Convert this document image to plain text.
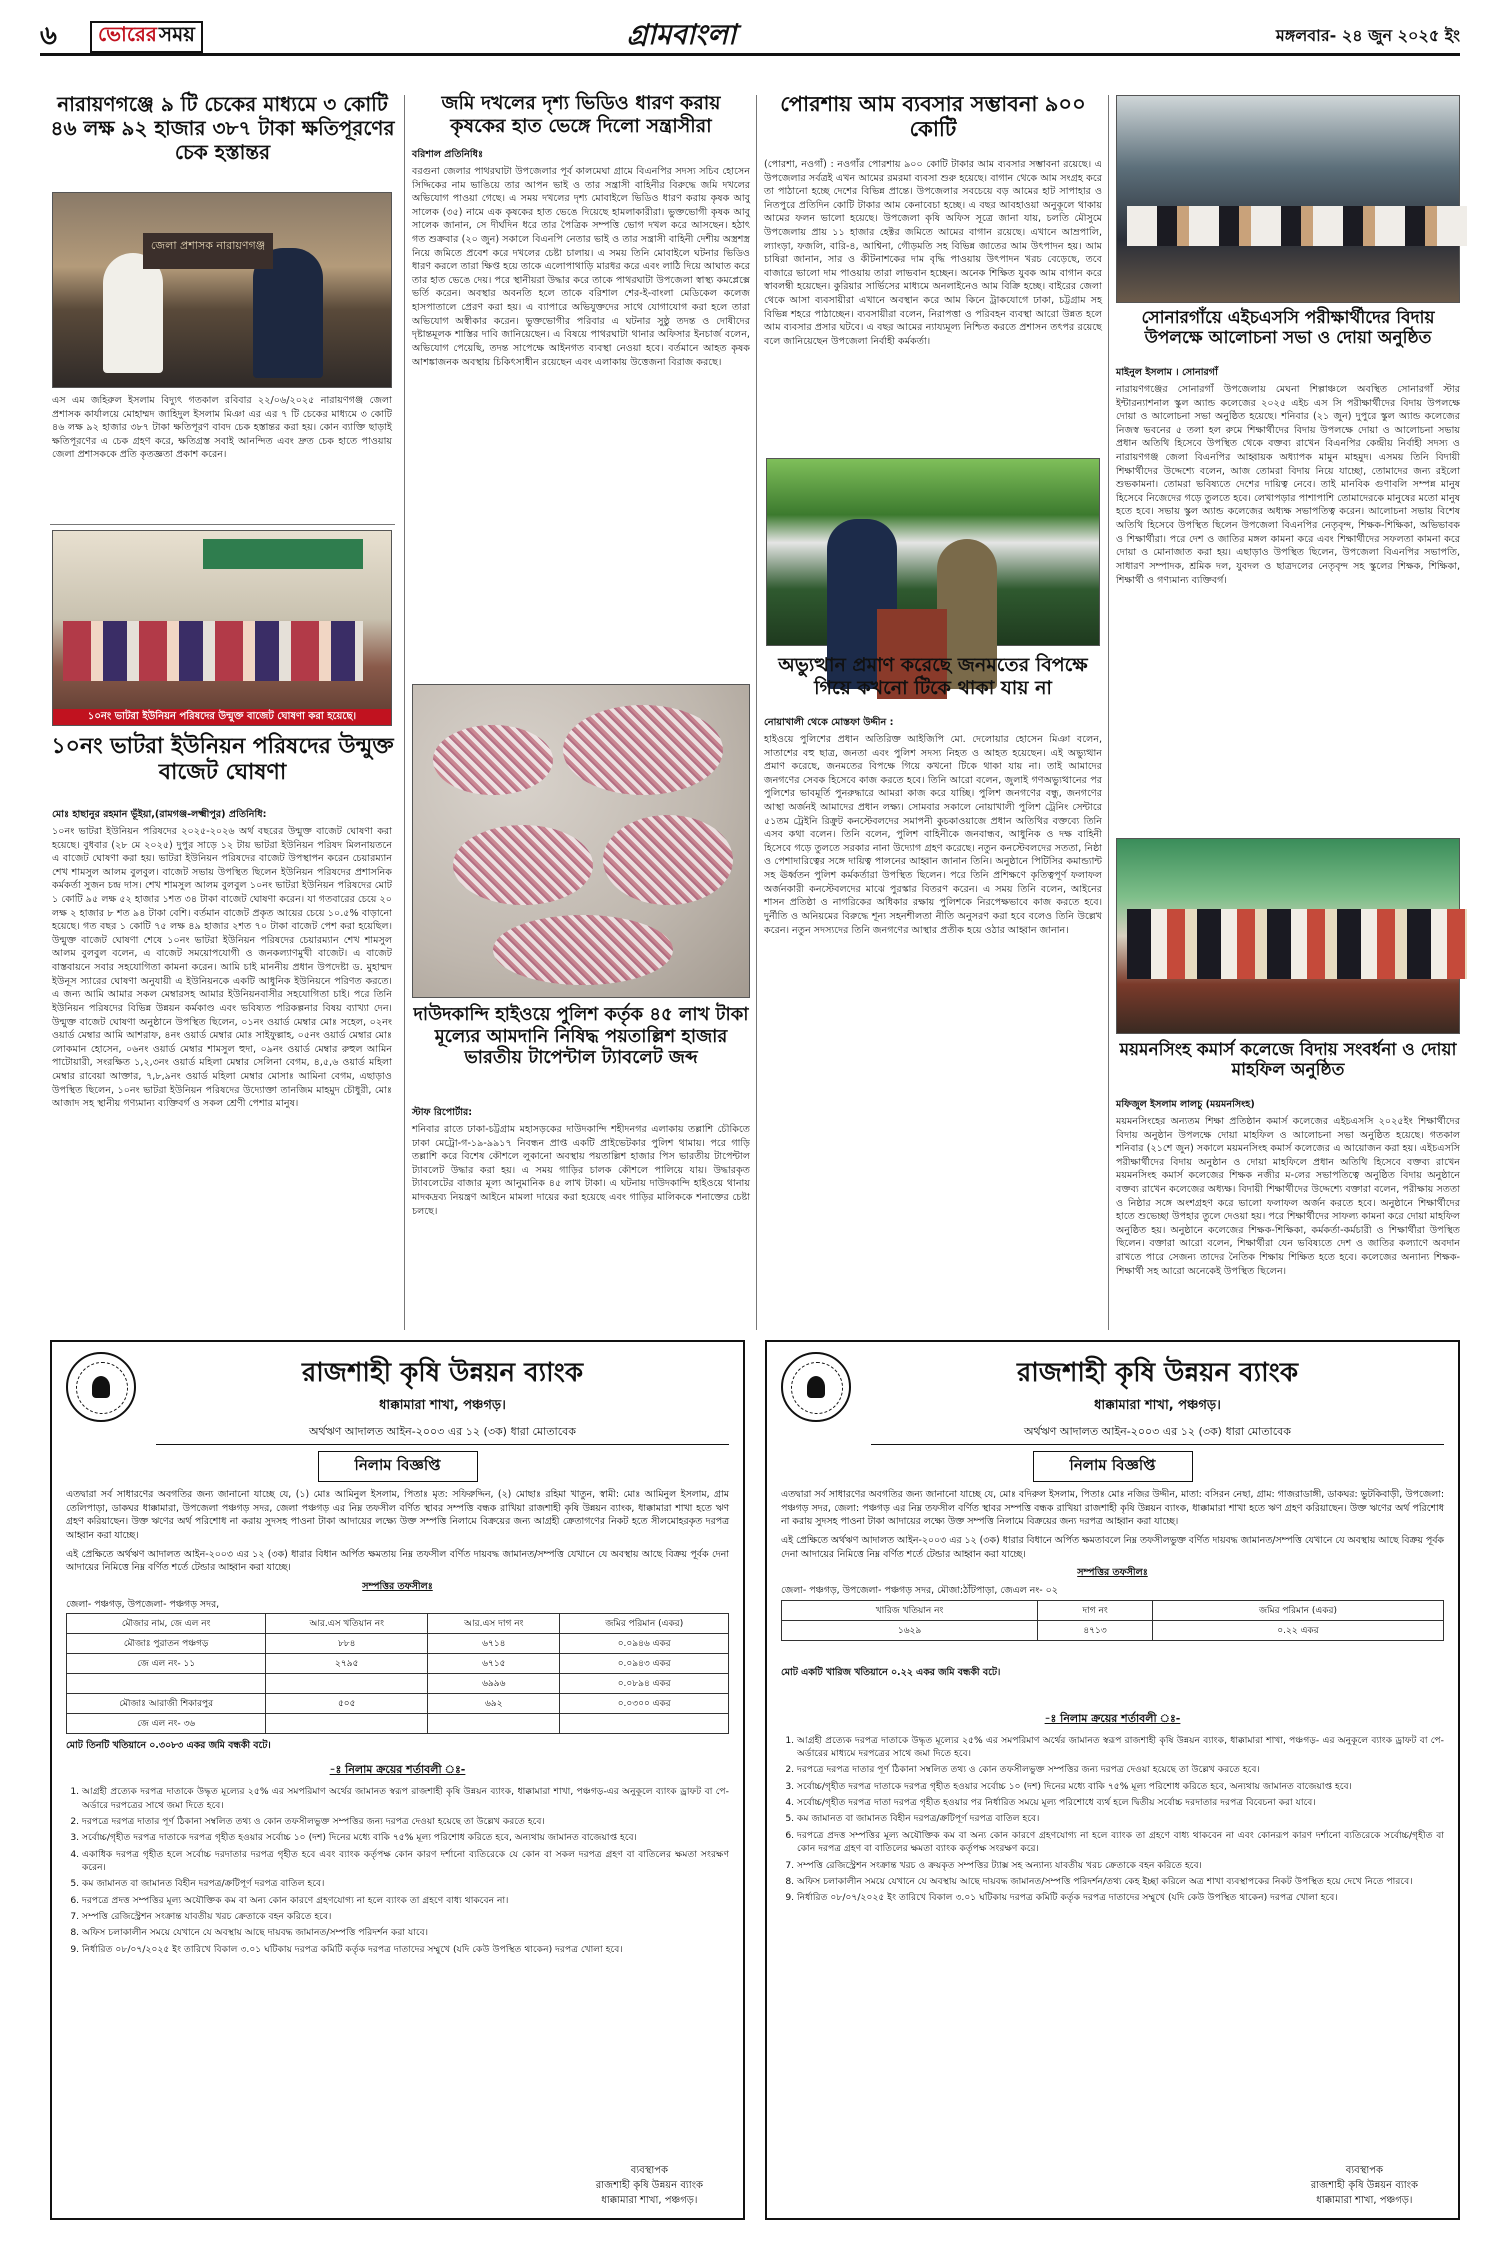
৬	ভোরের সময়	গ্রামবাংলা	মঙ্গলবার- ২৪ জুন ২০২৫ ইং
নারায়ণগঞ্জে ৯ টি চেকের মাধ্যমে ৩ কোটি ৪৬ লক্ষ ৯২ হাজার ৩৮৭ টাকা ক্ষতিপূরণের চেক হস্তান্তর
জেলা প্রশাসক নারায়ণগঞ্জ
এস এম জহিরুল ইসলাম বিদ্যুৎ গতকাল রবিবার ২২/০৬/২০২৫ নারায়ণগঞ্জ জেলা প্রশাসক কার্যালয়ে মোহাম্মদ জাহিদুল ইসলাম মিঞা এর এর ৭ টি চেকের মাধ্যমে ৩ কোটি ৪৬ লক্ষ ৯২ হাজার ৩৮৭ টাকা ক্ষতিপূরণ বাবদ চেক হস্তান্তর করা হয়। কোন ব্যাক্তি ছাড়াই ক্ষতিপূরণের এ চেক গ্রহণ করে, ক্ষতিগ্রস্ত সবাই আনন্দিত এবং দ্রুত চেক হাতে পাওয়ায় জেলা প্রশাসককে প্রতি কৃতজ্ঞতা প্রকাশ করেন।
১০নং ভাটরা ইউনিয়ন পরিষদের উন্মুক্ত বাজেট ঘোষণা করা হয়েছে।
১০নং ভাটরা ইউনিয়ন পরিষদের উন্মুক্ত বাজেট ঘোষণা
মোঃ হাছানুর রহমান ভূঁইয়া,(রামগঞ্জ-লক্ষ্মীপুর) প্রতিনিধি:
১০নং ভাটরা ইউনিয়ন পরিষদের ২০২৫-২০২৬ অর্থ বছরের উন্মুক্ত বাজেট ঘোষণা করা হয়েছে। বুধবার (২৮ মে ২০২৫) দুপুর সাড়ে ১২ টায় ভাটরা ইউনিয়ন পরিষদ মিলনায়তনে এ বাজেট ঘোষণা করা হয়। ভাটরা ইউনিয়ন পরিষদের বাজেট উপস্থাপন করেন চেয়ারম্যান শেখ শামসুল আলম বুলবুল। বাজেট সভায় উপস্থিত ছিলেন ইউনিয়ন পরিষদের প্রশাসনিক কর্মকর্তা সুজন চন্দ্র দাস। শেখ শামসুল আলম বুলবুল ১০নং ভাটরা ইউনিয়ন পরিষদের মোট ১ কোটি ৯৫ লক্ষ ৫২ হাজার ১শত ৩৪ টাকা বাজেট ঘোষণা করেন। যা গতবারের চেয়ে ২০ লক্ষ ২ হাজার ৮ শত ৯৪ টাকা বেশি। বর্তমান বাজেট প্রকৃত আয়ের চেয়ে ১০.৫% বাড়ানো হয়েছে। গত বছর ১ কোটি ৭৫ লক্ষ ৪৯ হাজার ২শত ৭০ টাকা বাজেট পেশ করা হয়েছিল। উন্মুক্ত বাজেট ঘোষণা শেষে ১০নং ভাটরা ইউনিয়ন পরিষদের চেয়ারম্যান শেখ শামসুল আলম বুলবুল বলেন, এ বাজেট সময়োপযোগী ও জনকল্যাণমুখী বাজেট। এ বাজেট বাস্তবায়নে সবার সহযোগিতা কামনা করেন। আমি চাই মাননীয় প্রধান উপদেষ্টা ড. মুহাম্মদ ইউনূস স্যারের ঘোষণা অনুযায়ী এ ইউনিয়নকে একটি আধুনিক ইউনিয়নে পরিণত করতে। এ জন্য আমি আমার সকল মেম্বারসহ আমার ইউনিয়নবাসীর সহযোগিতা চাই। পরে তিনি ইউনিয়ন পরিষদের বিভিন্ন উন্নয়ন কর্মকাণ্ড এবং ভবিষ্যত পরিকল্পনার বিষয় ব্যাখ্যা দেন। উন্মুক্ত বাজেট ঘোষণা অনুষ্ঠানে উপস্থিত ছিলেন, ০১নং ওয়ার্ড মেম্বার মোঃ সহেল, ০২নং ওয়ার্ড মেম্বার আমি আশরাফ, ৪নং ওয়ার্ড মেম্বার মোঃ সাইফুল্লাহ, ০৫নং ওয়ার্ড মেম্বার মোঃ লোকমান হোসেন, ০৬নং ওয়ার্ড মেম্বার শামসুল হুদা, ০৯নং ওয়ার্ড মেম্বার রুহুল আমিন পাটোয়ারী, সংরক্ষিত ১,২,৩নং ওয়ার্ড মহিলা মেম্বার সেলিনা বেগম, ৪,৫,৬ ওয়ার্ড মহিলা মেম্বার রাবেয়া আক্তার, ৭,৮,৯নং ওয়ার্ড মহিলা মেম্বার মোসাঃ আমিনা বেগম, এছাড়াও উপস্থিত ছিলেন, ১০নং ভাটরা ইউনিয়ন পরিষদের উদ্যোক্তা তানজিম মাহমুদ চৌধুরী, মোঃ আজাদ সহ স্থানীয় গণ্যমান্য ব্যক্তিবর্গ ও সকল শ্রেণী পেশার মানুষ।
জমি দখলের দৃশ্য ভিডিও ধারণ করায় কৃষকের হাত ভেঙ্গে দিলো সন্ত্রাসীরা
বরিশাল প্রতিনিধিঃ
বরগুনা জেলার পাথরঘাটা উপজেলার পূর্ব কালমেঘা গ্রামে বিএনপির সদস্য সচিব হোসেন সিদ্দিকের নাম ভাঙিয়ে তার আপন ভাই ও তার সন্ত্রাসী বাহিনীর বিরুদ্ধে জমি দখলের অভিযোগ পাওয়া গেছে। এ সময় দখলের দৃশ্য মোবাইলে ভিডিও ধারণ করায় কৃষক আবু সালেক (৩৫) নামে এক কৃষকের হাত ভেঙে দিয়েছে হামলাকারীরা। ভুক্তভোগী কৃষক আবু সালেক জানান, সে দীর্ঘদিন ধরে তার পৈত্রিক সম্পত্তি ভোগ দখল করে আসছেন। হঠাৎ গত শুক্রবার (২০ জুন) সকালে বিএনপি নেতার ভাই ও তার সন্ত্রাসী বাহিনী দেশীয় অস্ত্রশস্ত্র নিয়ে জমিতে প্রবেশ করে দখলের চেষ্টা চালায়। এ সময় তিনি মোবাইলে ঘটনার ভিডিও ধারণ করলে তারা ক্ষিপ্ত হয়ে তাকে এলোপাথাড়ি মারধর করে এবং লাঠি দিয়ে আঘাত করে তার হাত ভেঙে দেয়। পরে স্থানীয়রা উদ্ধার করে তাকে পাথরঘাটা উপজেলা স্বাস্থ্য কমপ্লেক্সে ভর্তি করেন। অবস্থার অবনতি হলে তাকে বরিশাল শের-ই-বাংলা মেডিকেল কলেজ হাসপাতালে প্রেরণ করা হয়। এ ব্যাপারে অভিযুক্তদের সাথে যোগাযোগ করা হলে তারা অভিযোগ অস্বীকার করেন। ভুক্তভোগীর পরিবার এ ঘটনার সুষ্ঠু তদন্ত ও দোষীদের দৃষ্টান্তমূলক শাস্তির দাবি জানিয়েছেন। এ বিষয়ে পাথরঘাটা থানার অফিসার ইনচার্জ বলেন, অভিযোগ পেয়েছি, তদন্ত সাপেক্ষে আইনগত ব্যবস্থা নেওয়া হবে। বর্তমানে আহত কৃষক আশঙ্কাজনক অবস্থায় চিকিৎসাধীন রয়েছেন এবং এলাকায় উত্তেজনা বিরাজ করছে।
দাউদকান্দি হাইওয়ে পুলিশ কর্তৃক ৪৫ লাখ টাকা মূল্যের আমদানি নিষিদ্ধ পয়তাল্লিশ হাজার ভারতীয় টাপেন্টাল ট্যাবলেট জব্দ
স্টাফ রিপোর্টার:
শনিবার রাতে ঢাকা-চট্টগ্রাম মহাসড়কের দাউদকান্দি শহীদনগর এলাকায় তল্লাশি চৌকিতে ঢাকা মেট্রো-গ-১৯-৯৯১৭ নিবন্ধন প্রাপ্ত একটি প্রাইভেটকার পুলিশ থামায়। পরে গাড়ি তল্লাশি করে বিশেষ কৌশলে লুকানো অবস্থায় পয়তাল্লিশ হাজার পিস ভারতীয় টাপেন্টাল ট্যাবলেট উদ্ধার করা হয়। এ সময় গাড়ির চালক কৌশলে পালিয়ে যায়। উদ্ধারকৃত ট্যাবলেটের বাজার মূল্য আনুমানিক ৪৫ লাখ টাকা। এ ঘটনায় দাউদকান্দি হাইওয়ে থানায় মাদকদ্রব্য নিয়ন্ত্রণ আইনে মামলা দায়ের করা হয়েছে এবং গাড়ির মালিককে শনাক্তের চেষ্টা চলছে।
পোরশায় আম ব্যবসার সম্ভাবনা ৯০০ কোটি
(পোরশা, নওগাঁ) : নওগাঁর পোরশায় ৯০০ কোটি টাকার আম ব্যবসার সম্ভাবনা রয়েছে। এ উপজেলার সর্বত্রই এখন আমের রমরমা ব্যবসা শুরু হয়েছে। বাগান থেকে আম সংগ্রহ করে তা পাঠানো হচ্ছে দেশের বিভিন্ন প্রান্তে। উপজেলার সবচেয়ে বড় আমের হাট সাপাহার ও নিতপুরে প্রতিদিন কোটি টাকার আম কেনাবেচা হচ্ছে। এ বছর আবহাওয়া অনুকূলে থাকায় আমের ফলন ভালো হয়েছে। উপজেলা কৃষি অফিস সূত্রে জানা যায়, চলতি মৌসুমে উপজেলায় প্রায় ১১ হাজার হেক্টর জমিতে আমের বাগান রয়েছে। এখানে আম্রপালি, ল্যাংড়া, ফজলি, বারি-৪, আশ্বিনা, গৌড়মতি সহ বিভিন্ন জাতের আম উৎপাদন হয়। আম চাষিরা জানান, সার ও কীটনাশকের দাম বৃদ্ধি পাওয়ায় উৎপাদন খরচ বেড়েছে, তবে বাজারে ভালো দাম পাওয়ায় তারা লাভবান হচ্ছেন। অনেক শিক্ষিত যুবক আম বাগান করে স্বাবলম্বী হয়েছেন। কুরিয়ার সার্ভিসের মাধ্যমে অনলাইনেও আম বিক্রি হচ্ছে। বাইরের জেলা থেকে আসা ব্যবসায়ীরা এখানে অবস্থান করে আম কিনে ট্রাকযোগে ঢাকা, চট্টগ্রাম সহ বিভিন্ন শহরে পাঠাচ্ছেন। ব্যবসায়ীরা বলেন, নিরাপত্তা ও পরিবহন ব্যবস্থা আরো উন্নত হলে আম ব্যবসার প্রসার ঘটবে। এ বছর আমের ন্যায্যমূল্য নিশ্চিত করতে প্রশাসন তৎপর রয়েছে বলে জানিয়েছেন উপজেলা নির্বাহী কর্মকর্তা।
অভ্যুত্থান প্রমাণ করেছে জনমতের বিপক্ষে গিয়ে কখনো টিকে থাকা যায় না
নোয়াখালী থেকে মোস্তফা উদ্দীন :
হাইওয়ে পুলিশের প্রধান অতিরিক্ত আইজিপি মো. দেলোয়ার হোসেন মিঞা বলেন, সাতাশের বহু ছাত্র, জনতা এবং পুলিশ সদস্য নিহত ও আহত হয়েছেন। এই অভ্যুত্থান প্রমাণ করেছে, জনমতের বিপক্ষে গিয়ে কখনো টিকে থাকা যায় না। তাই আমাদের জনগণের সেবক হিসেবে কাজ করতে হবে। তিনি আরো বলেন, জুলাই গণঅভ্যুত্থানের পর পুলিশের ভাবমূর্তি পুনরুদ্ধারে আমরা কাজ করে যাচ্ছি। পুলিশ জনগণের বন্ধু, জনগণের আস্থা অর্জনই আমাদের প্রধান লক্ষ্য। সোমবার সকালে নোয়াখালী পুলিশ ট্রেনিং সেন্টারে ৫১তম ট্রেইনি রিক্রুট কনস্টেবলদের সমাপনী কুচকাওয়াজে প্রধান অতিথির বক্তব্যে তিনি এসব কথা বলেন। তিনি বলেন, পুলিশ বাহিনীকে জনবান্ধব, আধুনিক ও দক্ষ বাহিনী হিসেবে গড়ে তুলতে সরকার নানা উদ্যোগ গ্রহণ করেছে। নতুন কনস্টেবলদের সততা, নিষ্ঠা ও পেশাদারিত্বের সঙ্গে দায়িত্ব পালনের আহ্বান জানান তিনি। অনুষ্ঠানে পিটিসির কমান্ড্যান্ট সহ ঊর্ধ্বতন পুলিশ কর্মকর্তারা উপস্থিত ছিলেন। পরে তিনি প্রশিক্ষণে কৃতিত্বপূর্ণ ফলাফল অর্জনকারী কনস্টেবলদের মাঝে পুরস্কার বিতরণ করেন। এ সময় তিনি বলেন, আইনের শাসন প্রতিষ্ঠা ও নাগরিকের অধিকার রক্ষায় পুলিশকে নিরপেক্ষভাবে কাজ করতে হবে। দুর্নীতি ও অনিয়মের বিরুদ্ধে শূন্য সহনশীলতা নীতি অনুসরণ করা হবে বলেও তিনি উল্লেখ করেন। নতুন সদস্যদের তিনি জনগণের আস্থার প্রতীক হয়ে ওঠার আহ্বান জানান।
সোনারগাঁয়ে এইচএসসি পরীক্ষার্থীদের বিদায় উপলক্ষে আলোচনা সভা ও দোয়া অনুষ্ঠিত
মাইনুল ইসলাম । সোনারগাঁ
নারায়ণগঞ্জের সোনারগাঁ উপজেলায় মেঘনা শিল্পাঞ্চলে অবস্থিত সোনারগাঁ স্টার ইন্টারন্যাশনাল স্কুল অ্যান্ড কলেজের ২০২৫ এইচ এস সি পরীক্ষার্থীদের বিদায় উপলক্ষে দোয়া ও আলোচনা সভা অনুষ্ঠিত হয়েছে। শনিবার (২১ জুন) দুপুরে স্কুল অ্যান্ড কলেজের নিজস্ব ভবনের ৫ তলা হল রুমে শিক্ষার্থীদের বিদায় উপলক্ষে দোয়া ও আলোচনা সভায় প্রধান অতিথি হিসেবে উপস্থিত থেকে বক্তব্য রাখেন বিএনপির কেন্দ্রীয় নির্বাহী সদস্য ও নারায়ণগঞ্জ জেলা বিএনপির আহ্বায়ক অধ্যাপক মামুন মাহমুদ। এসময় তিনি বিদায়ী শিক্ষার্থীদের উদ্দেশ্যে বলেন, আজ তোমরা বিদায় নিয়ে যাচ্ছো, তোমাদের জন্য রইলো শুভকামনা। তোমরা ভবিষ্যতে দেশের দায়িত্ব নেবে। তাই মানবিক গুণাবলি সম্পন্ন মানুষ হিসেবে নিজেদের গড়ে তুলতে হবে। লেখাপড়ার পাশাপাশি তোমাদেরকে মানুষের মতো মানুষ হতে হবে। সভায় স্কুল অ্যান্ড কলেজের অধ্যক্ষ সভাপতিত্ব করেন। আলোচনা সভায় বিশেষ অতিথি হিসেবে উপস্থিত ছিলেন উপজেলা বিএনপির নেতৃবৃন্দ, শিক্ষক-শিক্ষিকা, অভিভাবক ও শিক্ষার্থীরা। পরে দেশ ও জাতির মঙ্গল কামনা করে এবং শিক্ষার্থীদের সফলতা কামনা করে দোয়া ও মোনাজাত করা হয়। এছাড়াও উপস্থিত ছিলেন, উপজেলা বিএনপির সভাপতি, সাধারণ সম্পাদক, শ্রমিক দল, যুবদল ও ছাত্রদলের নেতৃবৃন্দ সহ স্কুলের শিক্ষক, শিক্ষিকা, শিক্ষার্থী ও গণ্যমান্য ব্যক্তিবর্গ।
ময়মনসিংহ কমার্স কলেজে বিদায় সংবর্ধনা ও দোয়া মাহফিল অনুষ্ঠিত
মফিজুল ইসলাম লালচু (ময়মনসিংহ)
ময়মনসিংহের অন্যতম শিক্ষা প্রতিষ্ঠান কমার্স কলেজের এইচএসসি ২০২৫ইং শিক্ষার্থীদের বিদায় অনুষ্ঠান উপলক্ষে দোয়া মাহফিল ও আলোচনা সভা অনুষ্ঠিত হয়েছে। গতকাল শনিবার (২১শে জুন) সকালে ময়মনসিংহ কমার্স কলেজের এ আয়োজন করা হয়। এইচএসসি পরীক্ষার্থীদের বিদায় অনুষ্ঠান ও দোয়া মাহফিলে প্রধান অতিথি হিসেবে বক্তব্য রাখেন ময়মনসিংহ কমার্স কলেজের শিক্ষক নজীর ম-লের সভাপতিত্বে অনুষ্ঠিত বিদায় অনুষ্ঠানে বক্তব্য রাখেন কলেজের অধ্যক্ষ। বিদায়ী শিক্ষার্থীদের উদ্দেশ্যে বক্তারা বলেন, পরীক্ষায় সততা ও নিষ্ঠার সঙ্গে অংশগ্রহণ করে ভালো ফলাফল অর্জন করতে হবে। অনুষ্ঠানে শিক্ষার্থীদের হাতে শুভেচ্ছা উপহার তুলে দেওয়া হয়। পরে শিক্ষার্থীদের সাফল্য কামনা করে দোয়া মাহফিল অনুষ্ঠিত হয়। অনুষ্ঠানে কলেজের শিক্ষক-শিক্ষিকা, কর্মকর্তা-কর্মচারী ও শিক্ষার্থীরা উপস্থিত ছিলেন। বক্তারা আরো বলেন, শিক্ষার্থীরা যেন ভবিষ্যতে দেশ ও জাতির কল্যাণে অবদান রাখতে পারে সেজন্য তাদের নৈতিক শিক্ষায় শিক্ষিত হতে হবে। কলেজের অন্যান্য শিক্ষক-শিক্ষার্থী সহ আরো অনেকেই উপস্থিত ছিলেন।
রাজশাহী কৃষি উন্নয়ন ব্যাংক
ধাক্কামারা শাখা, পঞ্চগড়।
অর্থঋণ আদালত আইন-২০০৩ এর ১২ (৩ক) ধারা মোতাবেক
নিলাম বিজ্ঞপ্তি
এতদ্বারা সর্ব সাধারণের অবগতির জন্য জানানো যাচ্ছে যে, (১) মোঃ আমিনুল ইসলাম, পিতাঃ মৃত: সফিরুদ্দিন, (২) মোছাঃ রহিমা খাতুন, স্বামী: মোঃ আমিনুল ইসলাম, গ্রাম তেলিপাড়া, ডাকঘর ধাক্কামারা, উপজেলা পঞ্চগড় সদর, জেলা পঞ্চগড় এর নিম্ন তফসীল বর্ণিত স্থাবর সম্পত্তি বন্ধক রাখিয়া রাজশাহী কৃষি উন্নয়ন ব্যাংক, ধাক্কামারা শাখা হতে ঋণ গ্রহণ করিয়াছেন। উক্ত ঋণের অর্থ পরিশোধ না করায় সুদসহ পাওনা টাকা আদায়ের লক্ষ্যে উক্ত সম্পত্তি নিলামে বিক্রয়ের জন্য আগ্রহী ক্রেতাগণের নিকট হতে সীলমোহরকৃত দরপত্র আহ্বান করা যাচ্ছে।
এই প্রেক্ষিতে অর্থঋণ আদালত আইন-২০০৩ এর ১২ (৩ক) ধারার বিধান অর্পিত ক্ষমতায় নিম্ন তফসীল বর্ণিত দায়বদ্ধ জামানত/সম্পত্তি যেখানে যে অবস্থায় আছে বিক্রয় পূর্বক দেনা আদায়ের নিমিত্তে নিম্ন বর্ণিত শর্তে টেন্ডার আহ্বান করা যাচ্ছে।
সম্পত্তির তফসীলঃ
জেলা- পঞ্চগড়, উপজেলা- পঞ্চগড় সদর,
মৌজার নাম, জে এল নং	আর.এস খতিয়ান নং	আর.এস দাগ নং	জমির পরিমান (একর)
মৌজাঃ পুরাতন পঞ্চগড়	৮৮৪	৬৭১৪	০.০৯৪৬ একর
জে এল নং- ১১	২৭৯৫	৬৭১৫	০.০৯৪৩ একর
		৬৯৯৬	০.০৮৯৪ একর
মৌজাঃ আরাজী শিকারপুর	৫০৫	৬৯২	০.০৩০০ একর
জে এল নং- ৩৬			
মোট তিনটি খতিয়ানে ০.৩০৮৩ একর জমি বন্ধকী বটে।
-ঃ নিলাম ক্রয়ের শর্তাবলী ঃ-
1. আগ্রহী প্রত্যেক দরপত্র দাতাকে উদ্ধৃত মূল্যের ২৫% এর সমপরিমাণ অর্থের জামানত স্বরূপ রাজশাহী কৃষি উন্নয়ন ব্যাংক, ধাক্কামারা শাখা, পঞ্চগড়-এর অনুকূলে ব্যাংক ড্রাফট বা পে-অর্ডারে দরপত্রের সাথে জমা দিতে হবে।
2. দরপত্রে দরপত্র দাতার পূর্ণ ঠিকানা সম্বলিত তথ্য ও কোন তফসীলভুক্ত সম্পত্তির জন্য দরপত্র দেওয়া হয়েছে তা উল্লেখ করতে হবে।
3. সর্বোচ্চ/গৃহীত দরপত্র দাতাকে দরপত্র গৃহীত হওয়ার সর্বোচ্চ ১০ (দশ) দিনের মধ্যে বাকি ৭৫% মূল্য পরিশোধ করিতে হবে, অন্যথায় জামানত বাজেয়াপ্ত হবে।
4. একাধিক দরপত্র গৃহীত হলে সর্বোচ্চ দরদাতার দরপত্র গৃহীত হবে এবং ব্যাংক কর্তৃপক্ষ কোন কারণ দর্শানো ব্যতিরেকে যে কোন বা সকল দরপত্র গ্রহণ বা বাতিলের ক্ষমতা সংরক্ষণ করেন।
5. কম জামানত বা জামানত বিহীন দরপত্র/ক্রটিপূর্ণ দরপত্র বাতিল হবে।
6. দরপত্রে প্রদত্ত সম্পত্তির মূল্য অযৌক্তিক কম বা অন্য কোন কারণে গ্রহণযোগ্য না হলে ব্যাংক তা গ্রহণে বাধ্য থাকবেন না।
7. সম্পত্তি রেজিস্ট্রেশন সংক্রান্ত যাবতীয় খরচ ক্রেতাকে বহন করিতে হবে।
8. অফিস চলাকালীন সময়ে যেখানে যে অবস্থায় আছে দায়বদ্ধ জামানত/সম্পত্তি পরিদর্শন করা যাবে।
9. নির্ধারিত ০৮/০৭/২০২৫ ইং তারিখে বিকাল ৩.০১ ঘটিকায় দরপত্র কমিটি কর্তৃক দরপত্র দাতাদের সম্মুখে (যদি কেউ উপস্থিত থাকেন) দরপত্র খোলা হবে।
ব্যবস্থাপক
রাজশাহী কৃষি উন্নয়ন ব্যাংক
ধাক্কামারা শাখা, পঞ্চগড়।
রাজশাহী কৃষি উন্নয়ন ব্যাংক
ধাক্কামারা শাখা, পঞ্চগড়।
অর্থঋণ আদালত আইন-২০০৩ এর ১২ (৩ক) ধারা মোতাবেক
নিলাম বিজ্ঞপ্তি
এতদ্বারা সর্ব সাধারণের অবগতির জন্য জানানো যাচ্ছে যে, মোঃ বদিরুল ইসলাম, পিতাঃ মোঃ নজির উদ্দীন, মাতা: বসিরন নেছা, গ্রাম: গাজরাডাঙ্গী, ডাকঘর: ভুটকিবাড়ী, উপজেলা: পঞ্চগড় সদর, জেলা: পঞ্চগড় এর নিম্ন তফসীল বর্ণিত স্থাবর সম্পত্তি বন্ধক রাখিয়া রাজশাহী কৃষি উন্নয়ন ব্যাংক, ধাক্কামারা শাখা হতে ঋণ গ্রহণ করিয়াছেন। উক্ত ঋণের অর্থ পরিশোধ না করায় সুদসহ পাওনা টাকা আদায়ের লক্ষ্যে উক্ত সম্পত্তি নিলামে বিক্রয়ের জন্য দরপত্র আহ্বান করা যাচ্ছে।
এই প্রেক্ষিতে অর্থঋণ আদালত আইন-২০০৩ এর ১২ (৩ক) ধারার বিধানে অর্পিত ক্ষমতাবলে নিম্ন তফসীলভুক্ত বর্ণিত দায়বদ্ধ জামানত/সম্পত্তি যেখানে যে অবস্থায় আছে বিক্রয় পূর্বক দেনা আদায়ের নিমিত্তে নিম্ন বর্ণিত শর্তে টেন্ডার আহ্বান করা যাচ্ছে।
সম্পত্তির তফসীলঃ
জেলা- পঞ্চগড়, উপজেলা- পঞ্চগড় সদর, মৌজা:ঠাঁটপাড়া, জেএল নং- ০২
খারিজ খতিয়ান নং	দাগ নং	জমির পরিমান (একর)
১৬২৯	৪৭১৩	০.২২ একর
মোট একটি খারিজ খতিয়ানে ০.২২ একর জমি বন্ধকী বটে।
-ঃ নিলাম ক্রয়ের শর্তাবলী ঃ-
1. আগ্রহী প্রত্যেক দরপত্র দাতাকে উদ্ধৃত মূল্যের ২৫% এর সমপরিমাণ অর্থের জামানত স্বরূপ রাজশাহী কৃষি উন্নয়ন ব্যাংক, ধাক্কামারা শাখা, পঞ্চগড়- এর অনুকূলে ব্যাংক ড্রাফট বা পে-অর্ডারের মাধ্যমে দরপত্রের সাথে জমা দিতে হবে।
2. দরপত্রে দরপত্র দাতার পূর্ণ ঠিকানা সম্বলিত তথ্য ও কোন তফসীলভুক্ত সম্পত্তির জন্য দরপত্র দেওয়া হয়েছে তা উল্লেখ করতে হবে।
3. সর্বোচ্চ/গৃহীত দরপত্র দাতাকে দরপত্র গৃহীত হওয়ার সর্বোচ্চ ১০ (দশ) দিনের মধ্যে বাকি ৭৫% মূল্য পরিশোধ করিতে হবে, অন্যথায় জামানত বাজেয়াপ্ত হবে।
4. সর্বোচ্চ/গৃহীত দরপত্র দাতা দরপত্র গৃহীত হওয়ার পর নির্ধারিত সময়ে মূল্য পরিশোধে ব্যর্থ হলে দ্বিতীয় সর্বোচ্চ দরদাতার দরপত্র বিবেচনা করা যাবে।
5. কম জামানত বা জামানত বিহীন দরপত্র/ক্রটিপূর্ণ দরপত্র বাতিল হবে।
6. দরপত্রে প্রদত্ত সম্পত্তির মূল্য অযৌক্তিক কম বা অন্য কোন কারণে গ্রহণযোগ্য না হলে ব্যাংক তা গ্রহণে বাধ্য থাকবেন না এবং কোনরূপ কারণ দর্শানো ব্যতিরেকে সর্বোচ্চ/গৃহীত বা কোন দরপত্র গ্রহণ বা বাতিলের ক্ষমতা ব্যাংক কর্তৃপক্ষ সংরক্ষণ করে।
7. সম্পত্তি রেজিস্ট্রেশন সংক্রান্ত খরচ ও ক্রয়কৃত সম্পত্তির ট্যাক্স সহ অন্যান্য যাবতীয় খরচ ক্রেতাকে বহন করিতে হবে।
8. অফিস চলাকালীন সময়ে যেখানে যে অবস্থায় আছে দায়বদ্ধ জামানত/সম্পত্তি পরিদর্শন/তথ্য কেহ ইচ্ছা করিলে অত্র শাখা ব্যবস্থাপকের নিকট উপস্থিত হয়ে দেখে নিতে পারবে।
9. নির্ধারিত ০৮/০৭/২০২৫ ইং তারিখে বিকাল ৩.০১ ঘটিকায় দরপত্র কমিটি কর্তৃক দরপত্র দাতাদের সম্মুখে (যদি কেউ উপস্থিত থাকেন) দরপত্র খোলা হবে।
ব্যবস্থাপক
রাজশাহী কৃষি উন্নয়ন ব্যাংক
ধাক্কামারা শাখা, পঞ্চগড়।
